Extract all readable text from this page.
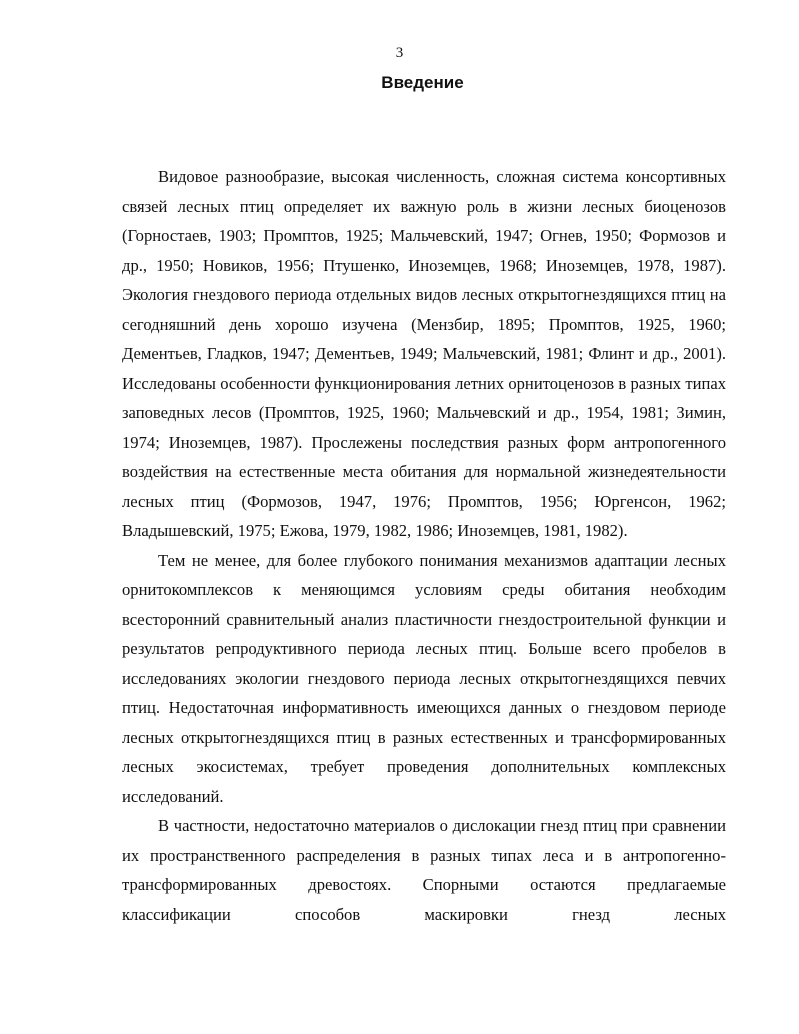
3
Введение

Видовое разнообразие, высокая численность, сложная система консортивных связей лесных птиц определяет их важную роль в жизни лесных биоценозов (Горностаев, 1903; Промптов, 1925; Мальчевский, 1947; Огнев, 1950; Формозов и др., 1950; Новиков, 1956; Птушенко, Иноземцев, 1968; Иноземцев, 1978, 1987). Экология гнездового периода отдельных видов лесных открытогнездящихся птиц на сегодняшний день хорошо изучена (Мензбир, 1895; Промптов, 1925, 1960; Дементьев, Гладков, 1947; Дементьев, 1949; Мальчевский, 1981; Флинт и др., 2001). Исследованы особенности функционирования летних орнитоценозов в разных типах заповедных лесов (Промптов, 1925, 1960; Мальчевский и др., 1954, 1981; Зимин, 1974; Иноземцев, 1987). Прослежены последствия разных форм антропогенного воздействия на естественные места обитания для нормальной жизнедеятельности лесных птиц (Формозов, 1947, 1976; Промптов, 1956; Юргенсон, 1962; Владышевский, 1975; Ежова, 1979, 1982, 1986; Иноземцев, 1981, 1982).

Тем не менее, для более глубокого понимания механизмов адаптации лесных орнитокомплексов к меняющимся условиям среды обитания необходим всесторонний сравнительный анализ пластичности гнездостроительной функции и результатов репродуктивного периода лесных птиц. Больше всего пробелов в исследованиях экологии гнездового периода лесных открытогнездящихся певчих птиц. Недостаточная информативность имеющихся данных о гнездовом периоде лесных открытогнездящихся птиц в разных естественных и трансформированных лесных экосистемах, требует проведения дополнительных комплексных исследований.

В частности, недостаточно материалов о дислокации гнезд птиц при сравнении их пространственного распределения в разных типах леса и в антропогенно-трансформированных древостоях. Спорными остаются предлагаемые классификации способов маскировки гнезд лесных
